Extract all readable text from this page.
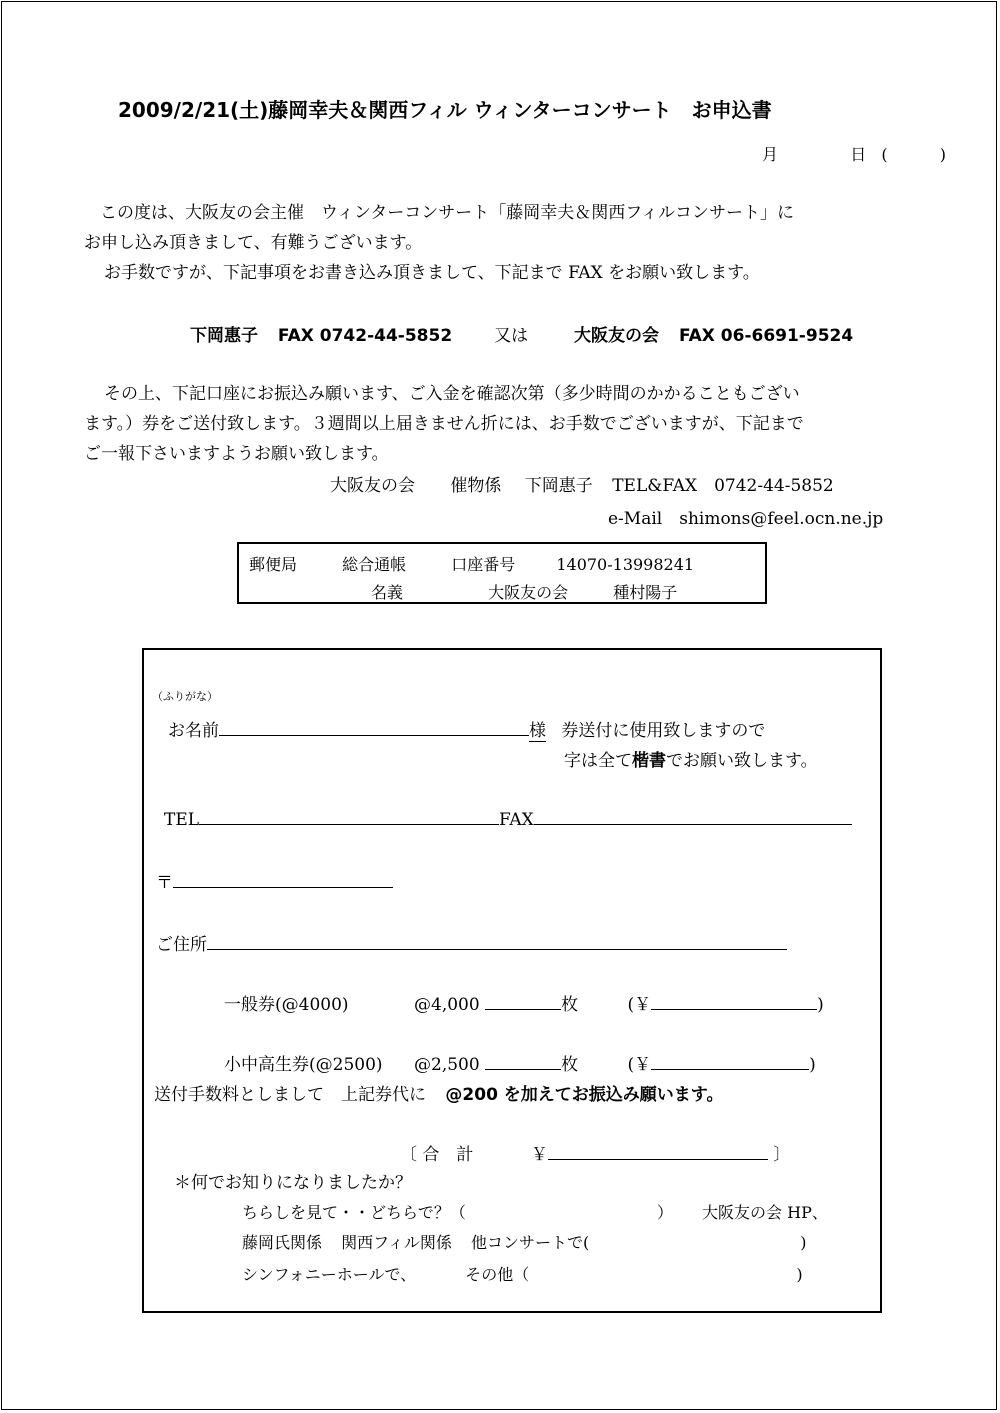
2009/2/21(土)藤岡幸夫＆関西フィル ウィンターコンサート　お申込書
月	日 (	)
この度は、大阪友の会主催　ウィンターコンサート「藤岡幸夫＆関西フィルコンサート」に
お申し込み頂きまして、有難うございます。
お手数ですが、下記事項をお書き込み頂きまして、下記まで FAX をお願い致します。
下岡惠子 FAX 0742-44-5852 又は	大阪友の会 FAX 06-6691-9524
その上、下記口座にお振込み願います、ご入金を確認次第（多少時間のかかることもござい
ます。）券をご送付致します。３週間以上届きません折には、お手数でございますが、下記まで
ご一報下さいますようお願い致します。
大阪友の会 催物係 下岡惠子 TEL&FAX　0742-44-5852
e-Mail　shimons@feel.ocn.ne.jp
郵便局	総合通帳	口座番号	14070-13998241
名義	大阪友の会	種村陽子
（ふりがな）
お名前	様 券送付に使用致しますので
字は全て楷書でお願い致します。
TEL	FAX
〒
ご住所
一般券(@4000)	@4,000	枚	(￥	)
小中高生券(@2500) @2,500	枚	(￥	)
送付手数料としまして　上記券代に @200 を加えてお振込み願います。
〔 合　計	￥	〕
＊何でお知りになりましたか？
ちらしを見て・・どちらで？（	） 大阪友の会 HP、
藤岡氏関係 関西フィル関係 他コンサートで(	)
シンフォニーホールで、	その他（	)
